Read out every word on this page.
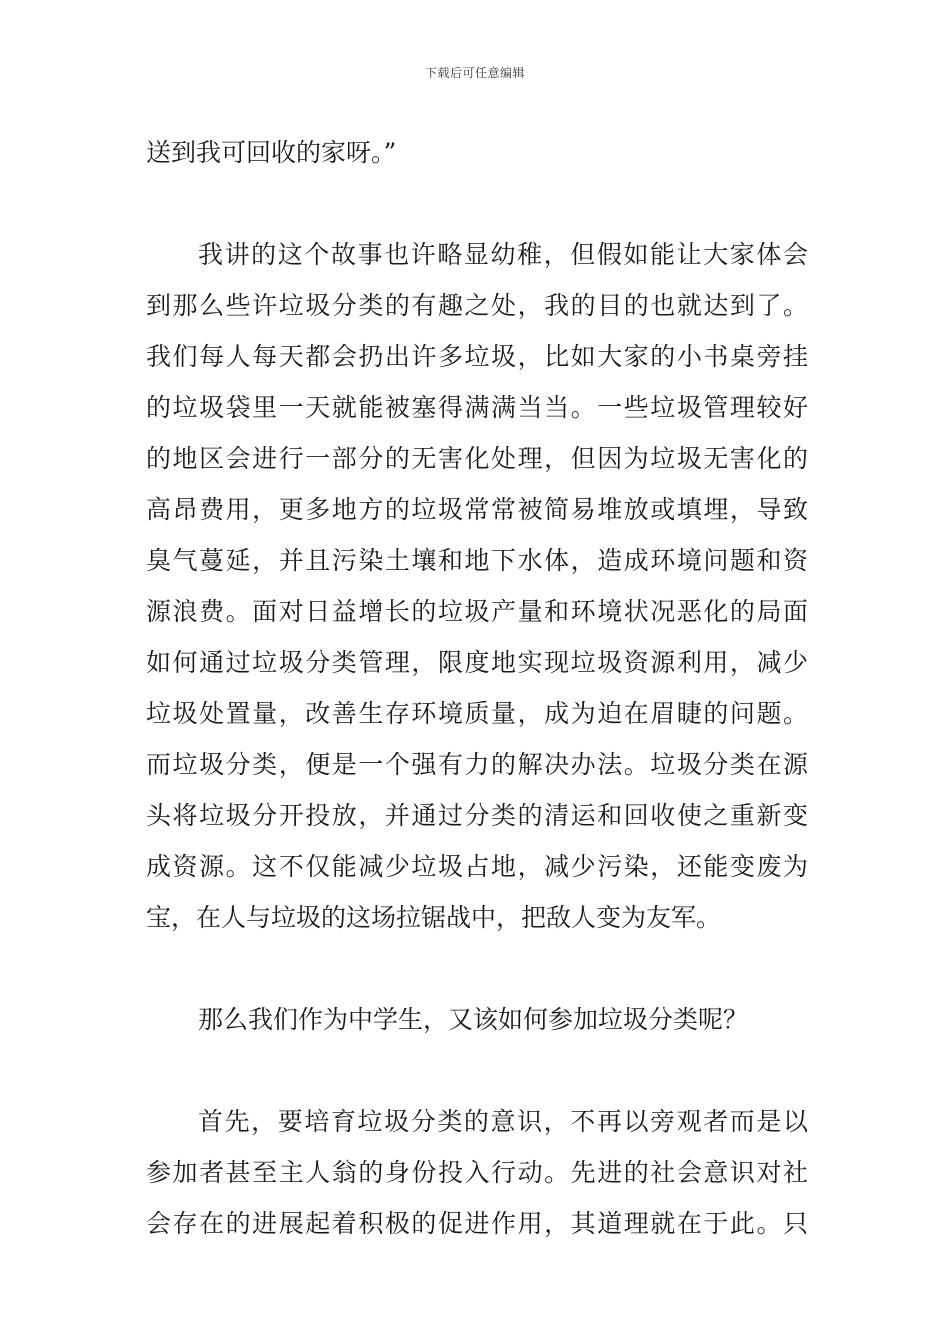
下载后可任意编辑
送到我可回收的家呀。”
我讲的这个故事也许略显幼稚，但假如能让大家体会
到那么些许垃圾分类的有趣之处，我的目的也就达到了。
我们每人每天都会扔出许多垃圾，比如大家的小书桌旁挂
的垃圾袋里一天就能被塞得满满当当。一些垃圾管理较好
的地区会进行一部分的无害化处理，但因为垃圾无害化的
高昂费用，更多地方的垃圾常常被简易堆放或填埋，导致
臭气蔓延，并且污染土壤和地下水体，造成环境问题和资
源浪费。面对日益增长的垃圾产量和环境状况恶化的局面
如何通过垃圾分类管理，限度地实现垃圾资源利用，减少
垃圾处置量，改善生存环境质量，成为迫在眉睫的问题。
而垃圾分类，便是一个强有力的解决办法。垃圾分类在源
头将垃圾分开投放，并通过分类的清运和回收使之重新变
成资源。这不仅能减少垃圾占地，减少污染，还能变废为
宝，在人与垃圾的这场拉锯战中，把敌人变为友军。
那么我们作为中学生，又该如何参加垃圾分类呢？
首先，要培育垃圾分类的意识，不再以旁观者而是以
参加者甚至主人翁的身份投入行动。先进的社会意识对社
会存在的进展起着积极的促进作用，其道理就在于此。只
